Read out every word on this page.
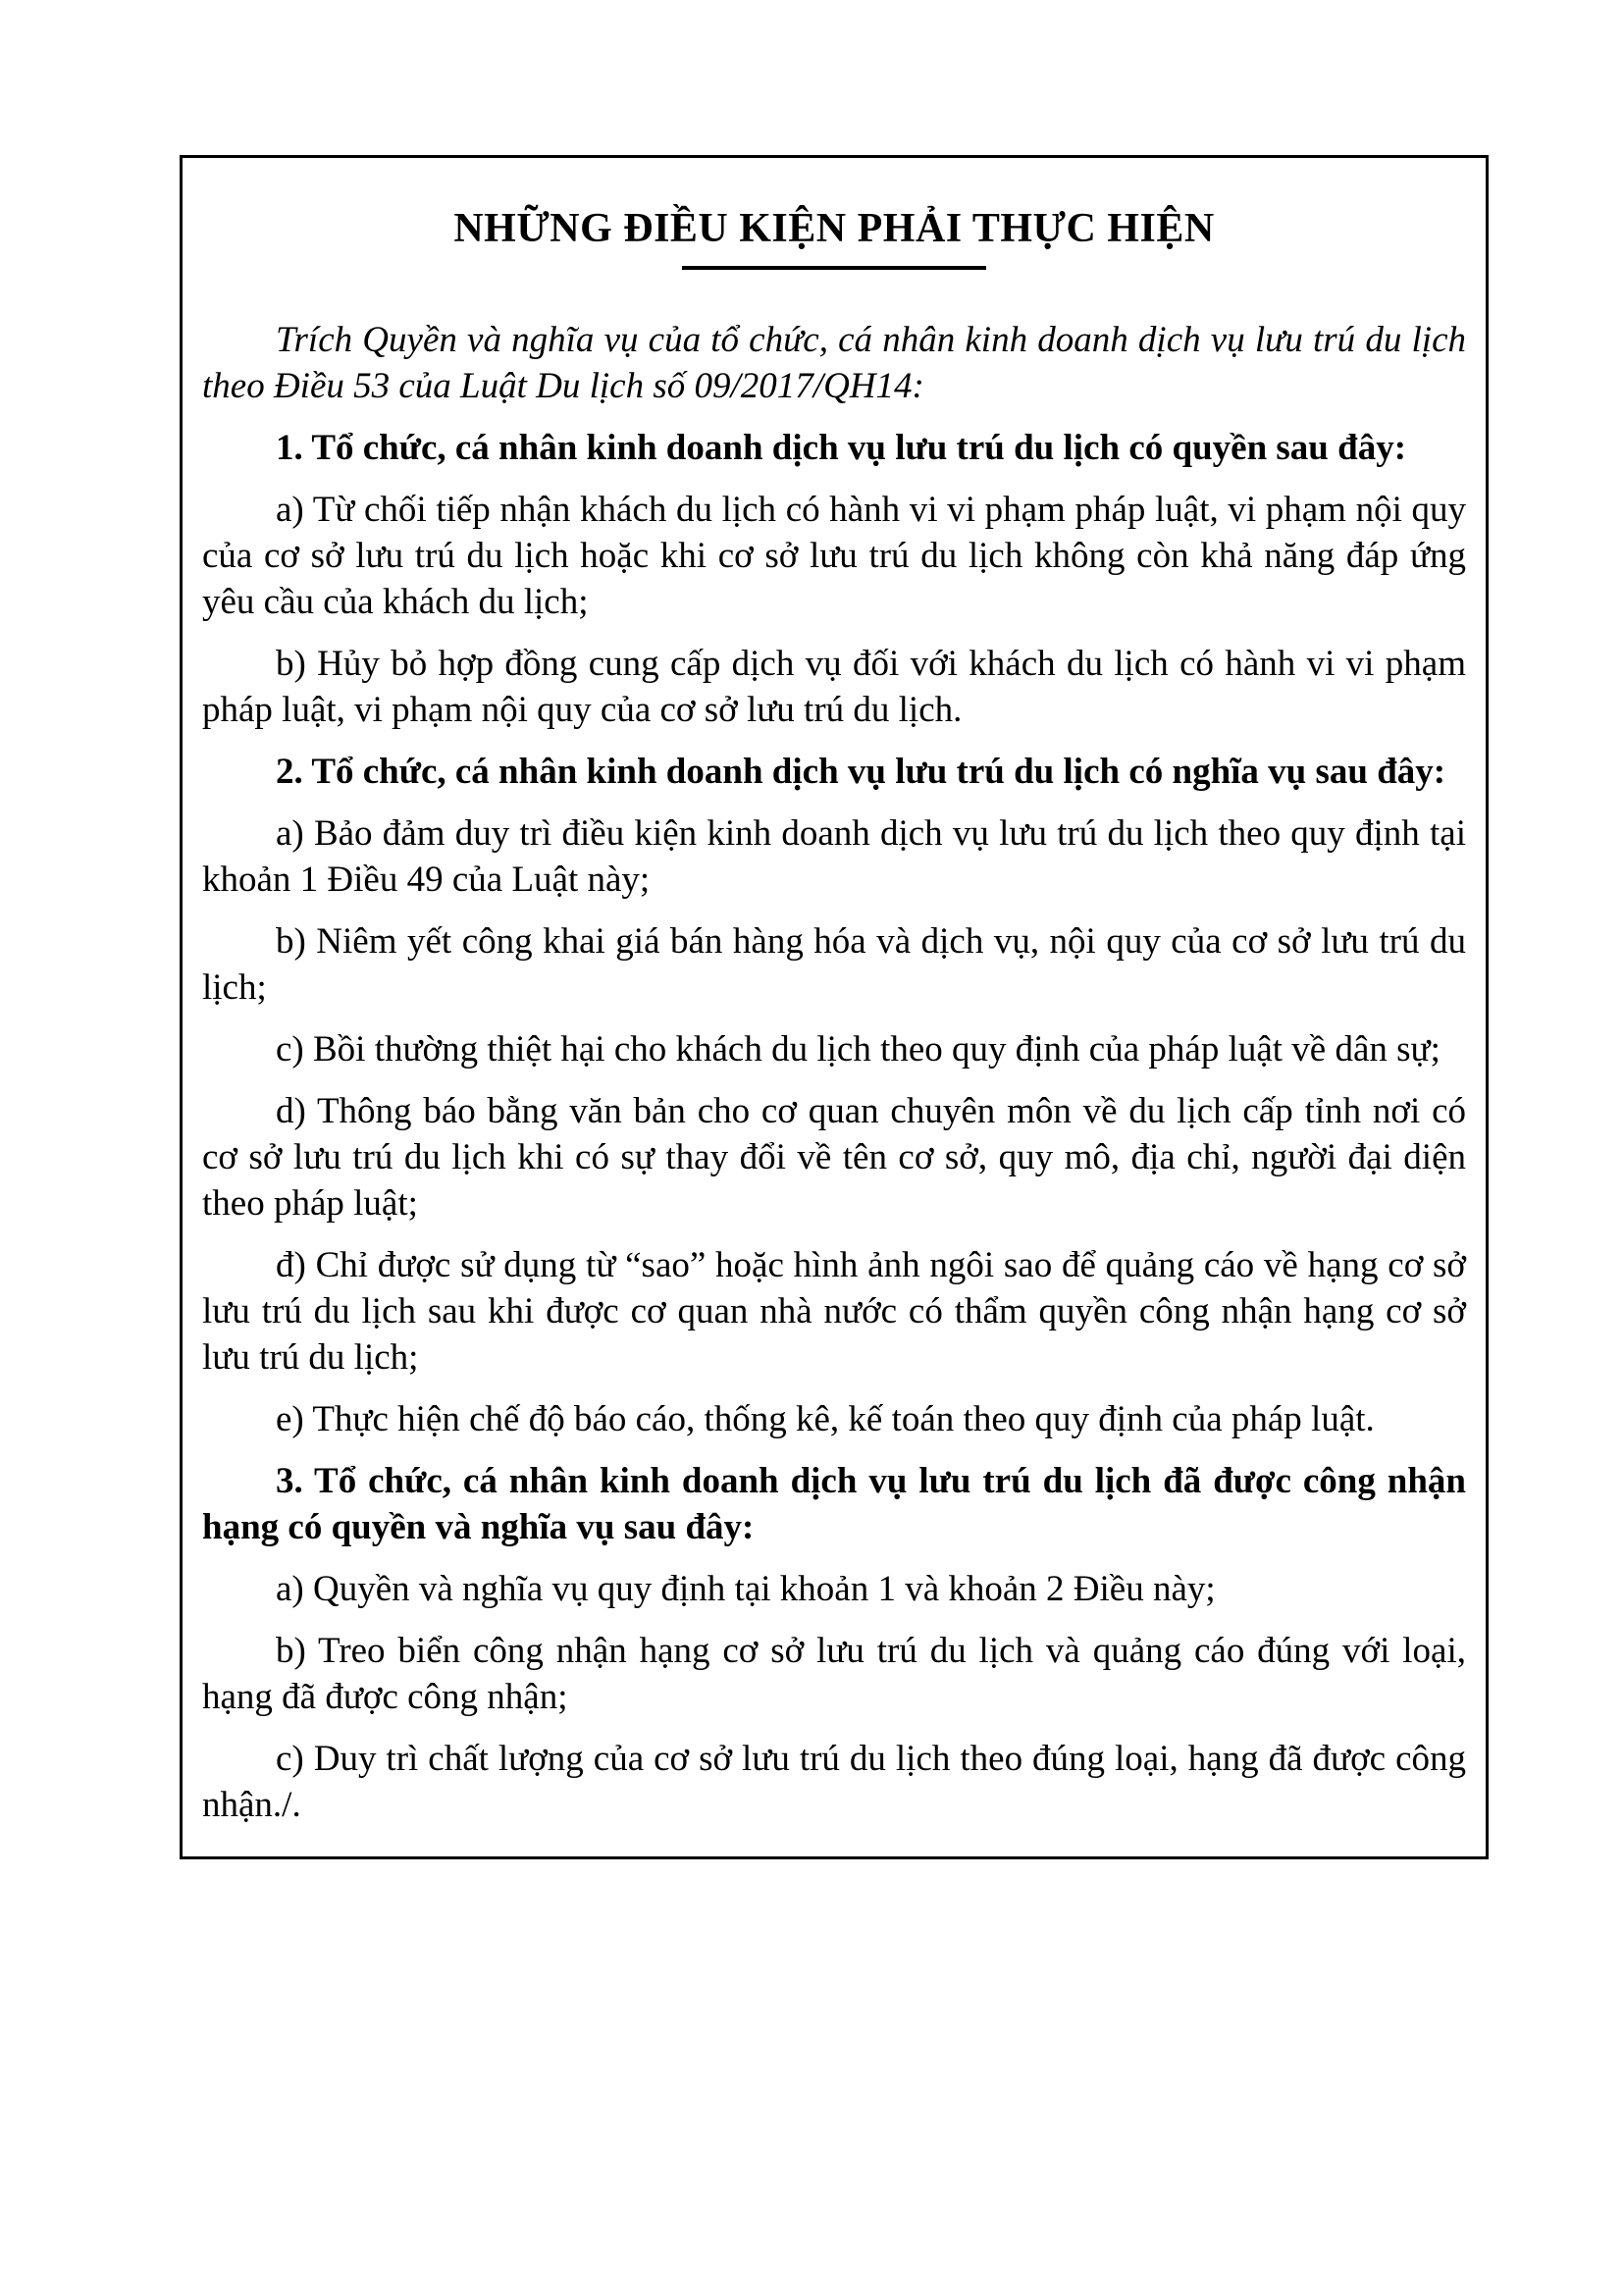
NHỮNG ĐIỀU KIỆN PHẢI THỰC HIỆN

Trích Quyền và nghĩa vụ của tổ chức, cá nhân kinh doanh dịch vụ lưu trú du lịch theo Điều 53 của Luật Du lịch số 09/2017/QH14:

1. Tổ chức, cá nhân kinh doanh dịch vụ lưu trú du lịch có quyền sau đây:

a) Từ chối tiếp nhận khách du lịch có hành vi vi phạm pháp luật, vi phạm nội quy của cơ sở lưu trú du lịch hoặc khi cơ sở lưu trú du lịch không còn khả năng đáp ứng yêu cầu của khách du lịch;

b) Hủy bỏ hợp đồng cung cấp dịch vụ đối với khách du lịch có hành vi vi phạm pháp luật, vi phạm nội quy của cơ sở lưu trú du lịch.

2. Tổ chức, cá nhân kinh doanh dịch vụ lưu trú du lịch có nghĩa vụ sau đây:

a) Bảo đảm duy trì điều kiện kinh doanh dịch vụ lưu trú du lịch theo quy định tại khoản 1 Điều 49 của Luật này;

b) Niêm yết công khai giá bán hàng hóa và dịch vụ, nội quy của cơ sở lưu trú du lịch;

c) Bồi thường thiệt hại cho khách du lịch theo quy định của pháp luật về dân sự;

d) Thông báo bằng văn bản cho cơ quan chuyên môn về du lịch cấp tỉnh nơi có cơ sở lưu trú du lịch khi có sự thay đổi về tên cơ sở, quy mô, địa chỉ, người đại diện theo pháp luật;

đ) Chỉ được sử dụng từ “sao” hoặc hình ảnh ngôi sao để quảng cáo về hạng cơ sở lưu trú du lịch sau khi được cơ quan nhà nước có thẩm quyền công nhận hạng cơ sở lưu trú du lịch;

e) Thực hiện chế độ báo cáo, thống kê, kế toán theo quy định của pháp luật.

3. Tổ chức, cá nhân kinh doanh dịch vụ lưu trú du lịch đã được công nhận hạng có quyền và nghĩa vụ sau đây:

a) Quyền và nghĩa vụ quy định tại khoản 1 và khoản 2 Điều này;

b) Treo biển công nhận hạng cơ sở lưu trú du lịch và quảng cáo đúng với loại, hạng đã được công nhận;

c) Duy trì chất lượng của cơ sở lưu trú du lịch theo đúng loại, hạng đã được công nhận./.
